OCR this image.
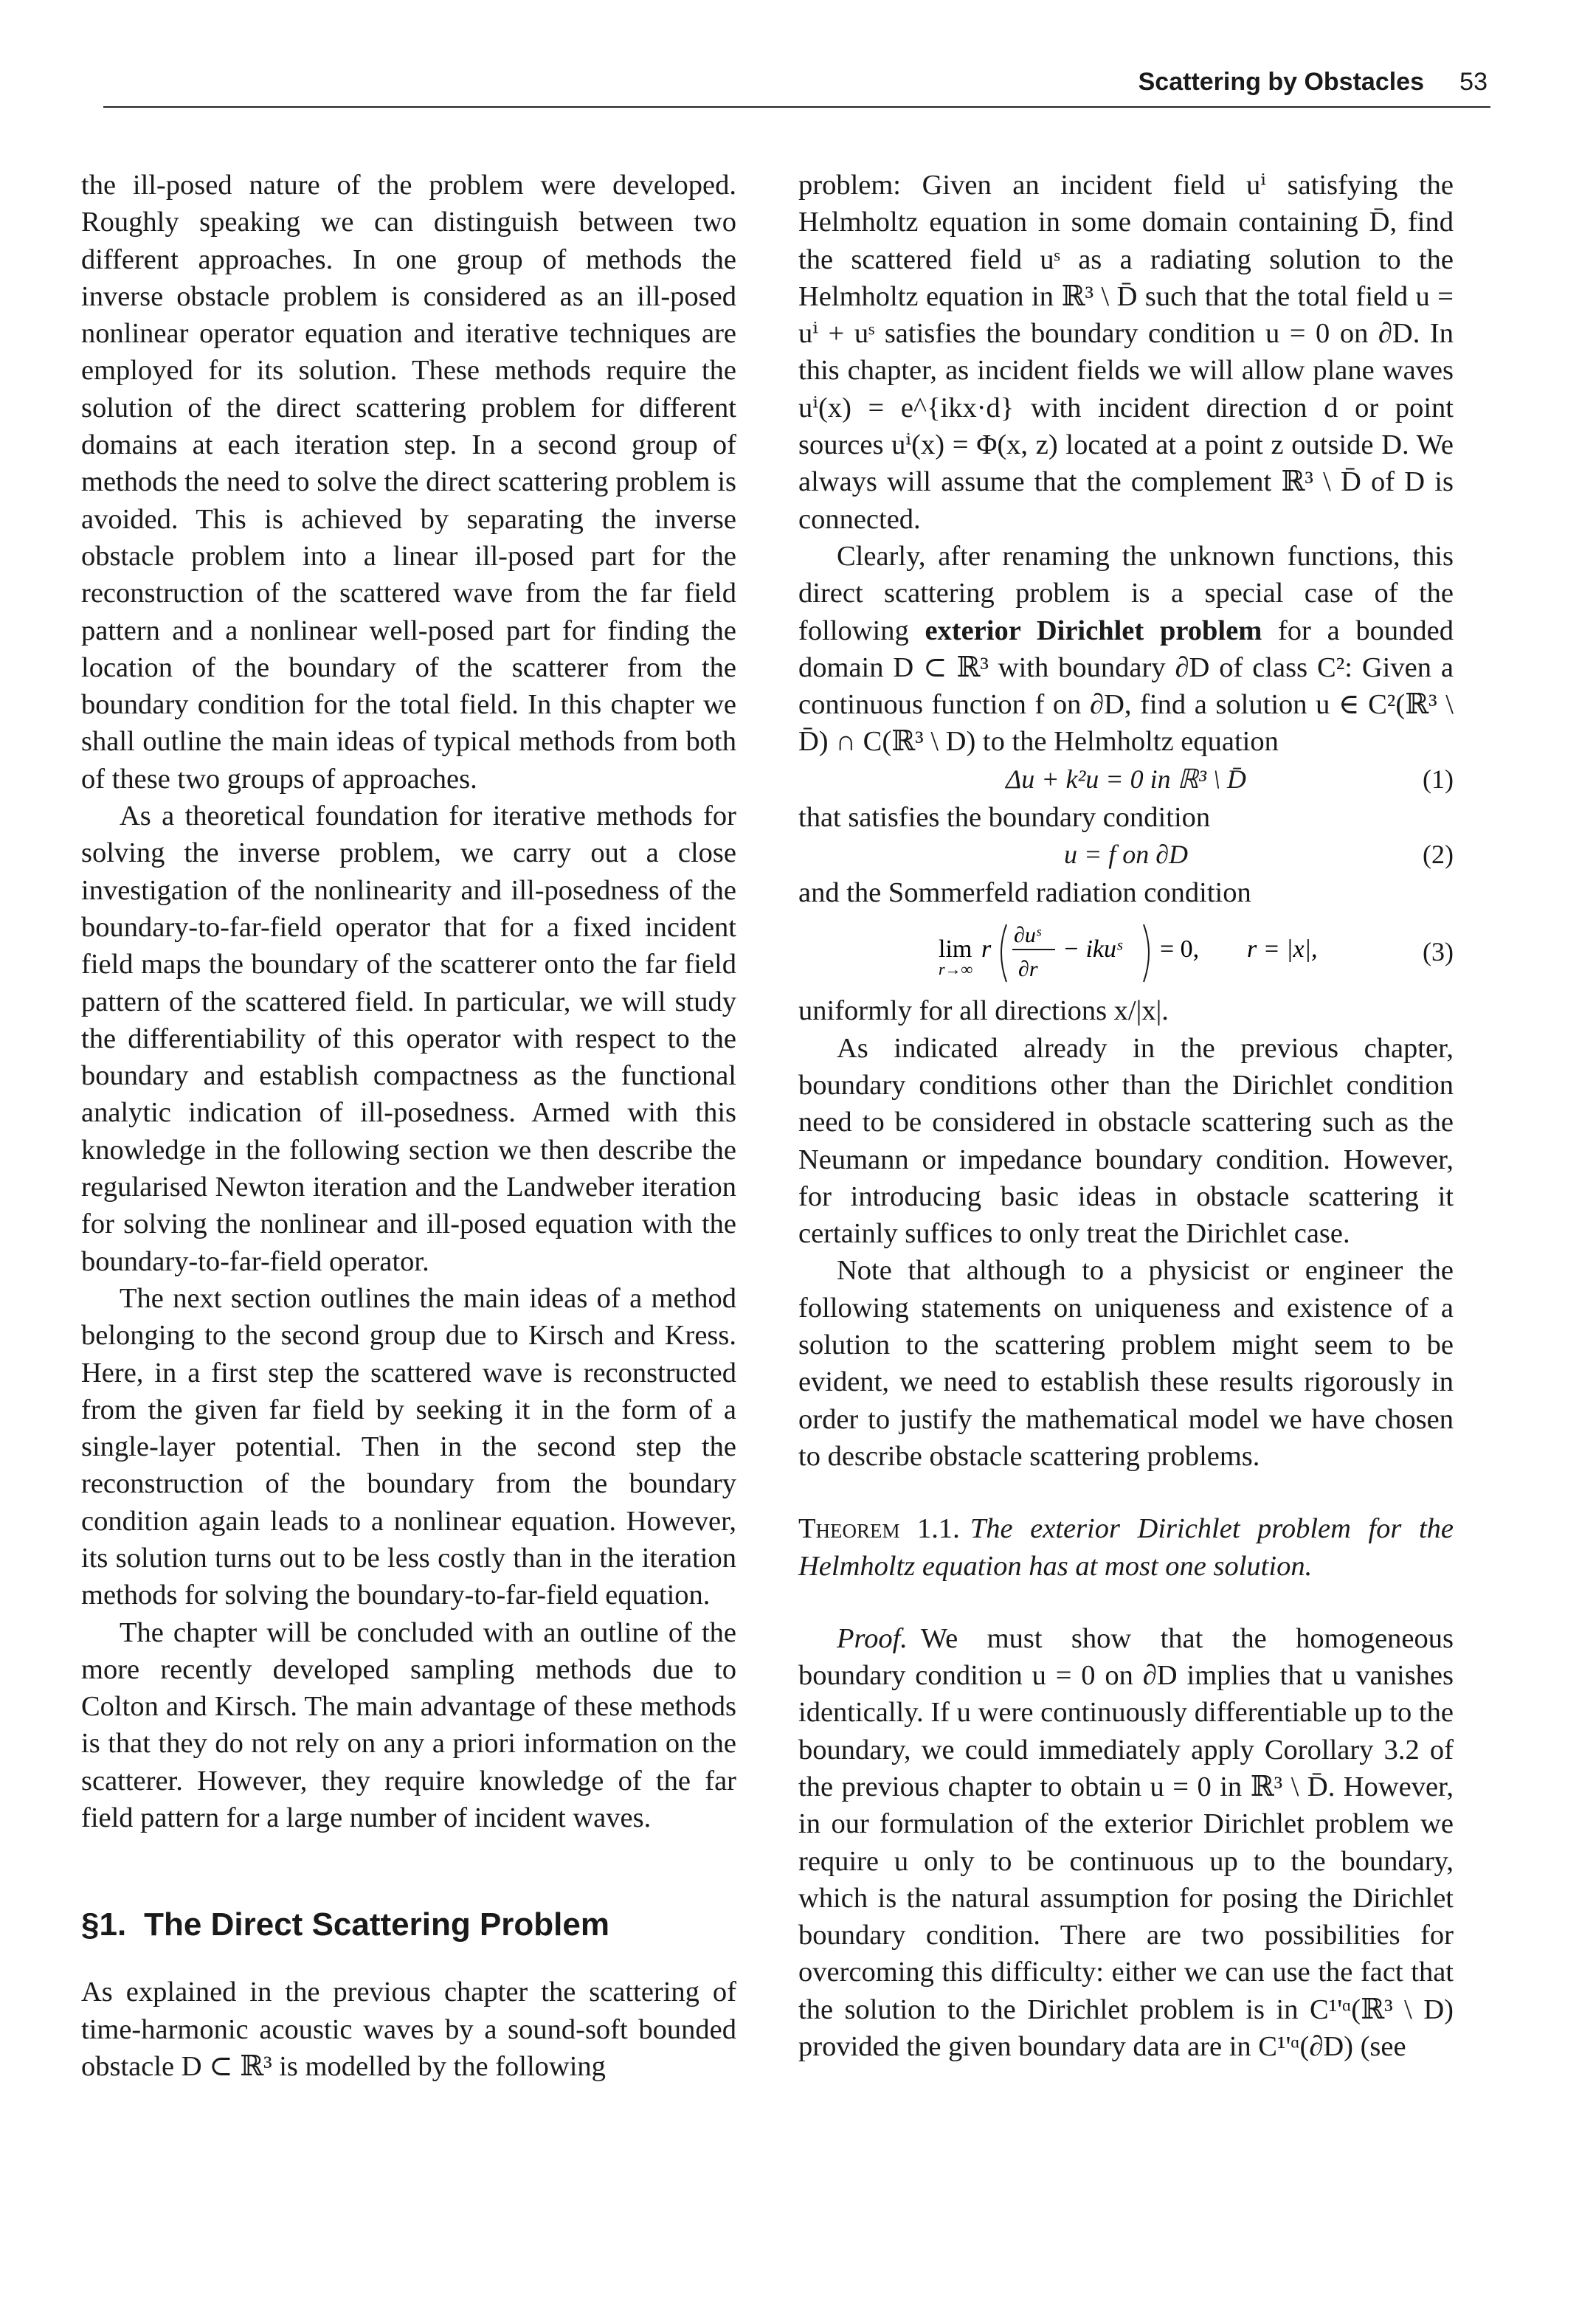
Scattering by Obstacles 53

the ill-posed nature of the problem were developed. Roughly speaking we can distinguish between two different approaches. In one group of methods the inverse obstacle problem is considered as an ill-posed nonlinear operator equation and iterative techniques are employed for its solution. These methods require the solution of the direct scattering problem for different domains at each iteration step. In a second group of methods the need to solve the direct scattering problem is avoided. This is achieved by separating the inverse obstacle problem into a linear ill-posed part for the reconstruction of the scattered wave from the far field pattern and a nonlinear well-posed part for finding the location of the boundary of the scatterer from the boundary condition for the total field. In this chapter we shall outline the main ideas of typical methods from both of these two groups of approaches.

As a theoretical foundation for iterative methods for solving the inverse problem, we carry out a close investigation of the nonlinearity and ill-posedness of the boundary-to-far-field operator that for a fixed incident field maps the boundary of the scatterer onto the far field pattern of the scattered field. In particular, we will study the differentiability of this operator with respect to the boundary and establish compactness as the functional analytic indication of ill-posedness. Armed with this knowledge in the following section we then describe the regularised Newton iteration and the Landweber iteration for solving the nonlinear and ill-posed equation with the boundary-to-far-field operator.

The next section outlines the main ideas of a method belonging to the second group due to Kirsch and Kress. Here, in a first step the scattered wave is reconstructed from the given far field by seeking it in the form of a single-layer potential. Then in the second step the reconstruction of the boundary from the boundary condition again leads to a nonlinear equation. However, its solution turns out to be less costly than in the iteration methods for solving the boundary-to-far-field equation.

The chapter will be concluded with an outline of the more recently developed sampling methods due to Colton and Kirsch. The main advantage of these methods is that they do not rely on any a priori information on the scatterer. However, they require knowledge of the far field pattern for a large number of incident waves.

§1. The Direct Scattering Problem

As explained in the previous chapter the scattering of time-harmonic acoustic waves by a sound-soft bounded obstacle D ⊂ ℝ³ is modelled by the following

problem: Given an incident field uⁱ satisfying the Helmholtz equation in some domain containing D̄, find the scattered field uˢ as a radiating solution to the Helmholtz equation in ℝ³ \ D̄ such that the total field u = uⁱ + uˢ satisfies the boundary condition u = 0 on ∂D. In this chapter, as incident fields we will allow plane waves uⁱ(x) = e^{ikx·d} with incident direction d or point sources uⁱ(x) = Φ(x, z) located at a point z outside D. We always will assume that the complement ℝ³ \ D̄ of D is connected.

Clearly, after renaming the unknown functions, this direct scattering problem is a special case of the following exterior Dirichlet problem for a bounded domain D ⊂ ℝ³ with boundary ∂D of class C²: Given a continuous function f on ∂D, find a solution u ∈ C²(ℝ³ \ D̄) ∩ C(ℝ³ \ D) to the Helmholtz equation

Δu + k²u = 0 in ℝ³ \ D̄	(1)

that satisfies the boundary condition

u = f on ∂D	(2)

and the Sommerfeld radiation condition

lim
r→∞
r
∂uˢ
∂r
− ikuˢ = 0, r = |x|,	(3)

uniformly for all directions x/|x|.

As indicated already in the previous chapter, boundary conditions other than the Dirichlet condition need to be considered in obstacle scattering such as the Neumann or impedance boundary condition. However, for introducing basic ideas in obstacle scattering it certainly suffices to only treat the Dirichlet case.

Note that although to a physicist or engineer the following statements on uniqueness and existence of a solution to the scattering problem might seem to be evident, we need to establish these results rigorously in order to justify the mathematical model we have chosen to describe obstacle scattering problems.

Theorem 1.1. The exterior Dirichlet problem for the Helmholtz equation has at most one solution.

Proof. We must show that the homogeneous boundary condition u = 0 on ∂D implies that u vanishes identically. If u were continuously differentiable up to the boundary, we could immediately apply Corollary 3.2 of the previous chapter to obtain u = 0 in ℝ³ \ D̄. However, in our formulation of the exterior Dirichlet problem we require u only to be continuous up to the boundary, which is the natural assumption for posing the Dirichlet boundary condition. There are two possibilities for overcoming this difficulty: either we can use the fact that the solution to the Dirichlet problem is in C¹'ᵅ(ℝ³ \ D) provided the given boundary data are in C¹'ᵅ(∂D) (see
